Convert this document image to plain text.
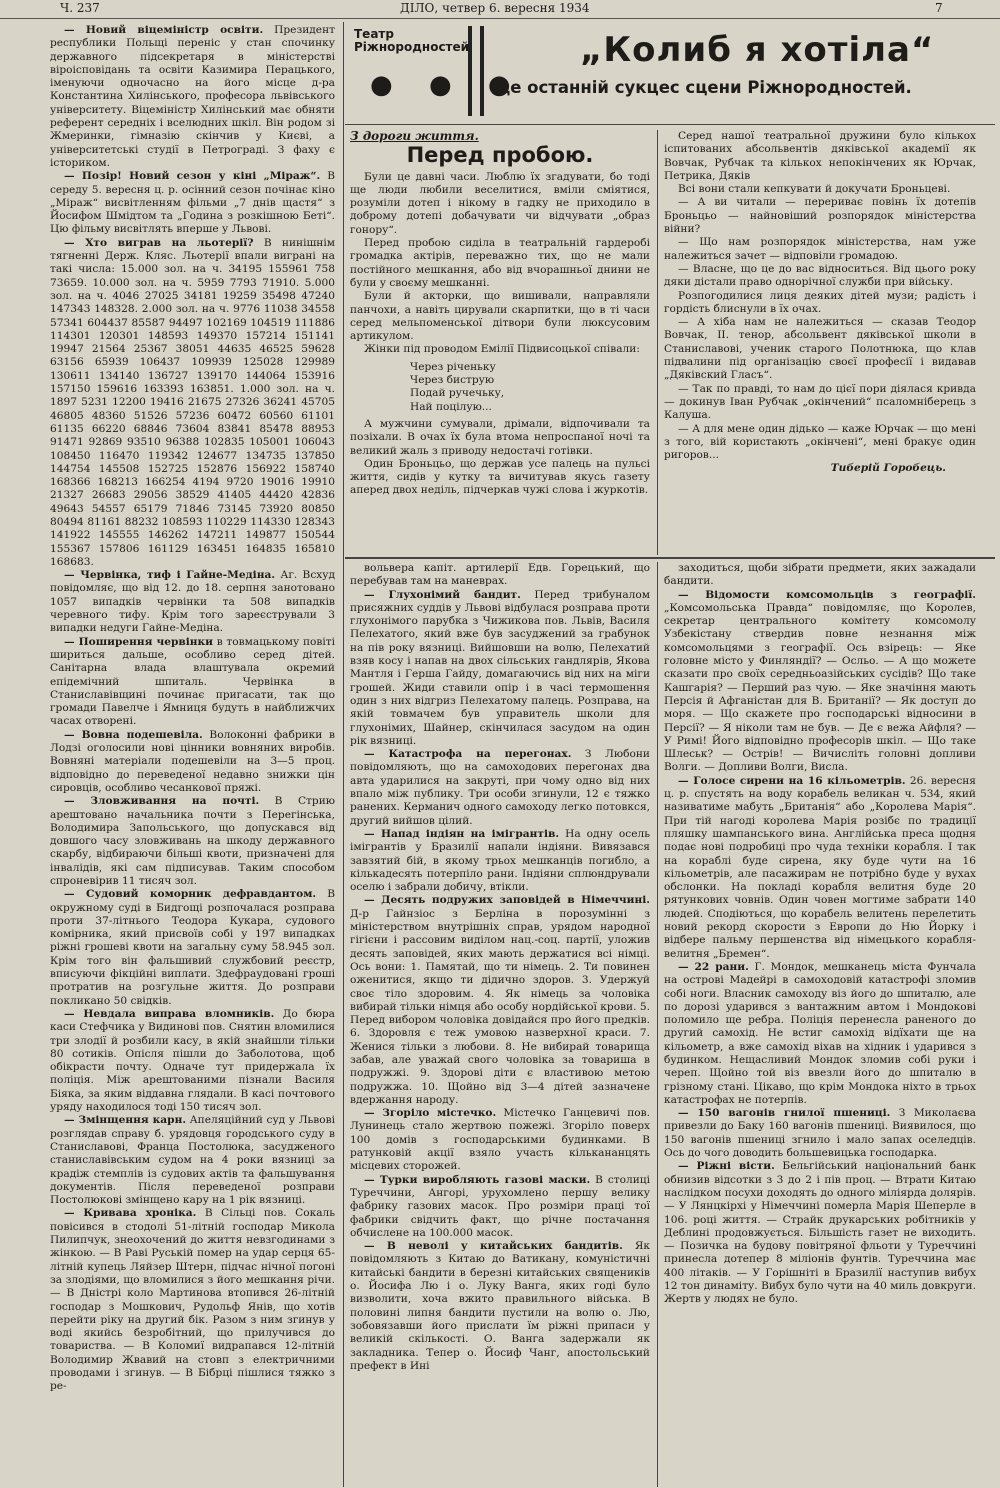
Ч. 237	ДІЛО, четвер 6. вересня 1934	7
Театр
Ріжнородностей
● ● ●
„Колиб я хотіла“
це останній сукцес сцени Ріжнородностей.

— Новий віцеміністр освіти. Президент республики Польщі переніс у стан спочинку державного підсекретаря в міністерстві віроісповідань та освіти Казимира Перацького, іменуючи одночасно на його місце д-ра Константина Хилінського, професора львівського університету. Віцеміністр Хилінський має обняти референт середніх і вселюдних шкіл. Він родом зі Жмеринки, гімназію скінчив у Києві, а університетські студії в Петрограді. З фаху є істориком.

— Позір! Новий сезон у кіні „Міраж“. В середу 5. вересня ц. р. осінний сезон почінає кіно „Міраж“ висвітленням фільми „7 днів щастя“ з Йосифом Шмідтом та „Година з розкішною Беті“. Цю фільму висвітлять вперше у Львові.

— Хто виграв на льотерії? В нинішнім тягненні Держ. Кляс. Льотерії впали виграні на такі числа: 15.000 зол. на ч. 34195 155961 758 73659. 10.000 зол. на ч. 5959 7793 71910. 5.000 зол. на ч. 4046 27025 34181 19259 35498 47240 147343 148328. 2.000 зол. на ч. 9776 11038 34558 57341 604437 85587 94497 102169 104519 111886 114301 120301 148593 149370 157214 151141 19947 21564 25367 38051 44635 46525 59628 63156 65939 106437 109939 125028 129989 130611 134140 136727 139170 144064 153916 157150 159616 163393 163851. 1.000 зол. на ч. 1897 5231 12200 19416 21675 27326 36241 45705 46805 48360 51526 57236 60472 60560 61101 61135 66220 68846 73604 83841 85478 88953 91471 92869 93510 96388 102835 105001 106043 108450 116470 119342 124677 134735 137850 144754 145508 152725 152876 156922 158740 168366 168213 166254 4194 9720 19016 19910 21327 26683 29056 38529 41405 44420 42836 49643 54557 65179 71846 73145 73920 80850 80494 81161 88232 108593 110229 114330 128343 141922 145555 146262 147211 149877 150544 155367 157806 161129 163451 164835 165810 168683.

— Червінка, тиф і Гайне-Медіна. Аг. Всхуд повідомляє, що від 12. до 18. серпня занотовано 1057 випадків червінки та 508 випадків черевного тифу. Крім того зареєстрували 3 випадки недуги Гайне-Медіна.

— Поширення червінки в товмацькому повіті шириться дальше, особливо серед дітей. Санітарна влада влаштувала окремий епідемічний шпиталь. Червінка в Станиславівщині починає пригасати, так що громади Павелче і Ямниця будуть в найближчих часах отворені.

— Вовна подешевіла. Волоконні фабрики в Лодзі оголосили нові цінники вовняних виробів. Вовняні матеріали подешевіли на 3—5 проц. відповідно до переведеної недавно знижки цін сировців, особливо чесанкової пряжі.

— Зловживання на почті. В Стрию арештовано начальника почти з Перегінська, Володимира Запольського, що допускався від довшого часу зловживань на шкоду державного скарбу, відбираючи більші квоти, призначені для інвалідів, які сам підписував. Таким способом спроневірив 11 тисяч зол.

— Судовий коморник дефравдантом. В окружному суді в Бидгощі розпочалася розправа проти 37-літнього Теодора Кукара, судового комірника, який присвоїв собі у 197 випадках ріжні грошеві квоти на загальну суму 58.945 зол. Крім того він фальшивий службовий реєстр, вписуючи фікційні виплати. Здефраудовані гроші протратив на розгульне життя. До розправи покликано 50 свідків.

— Невдала виправа вломників. До бюра каси Стефчика у Видинові пов. Снятин вломилися три злодії й розбили касу, в якій знайшли тільки 80 сотиків. Опісля пішли до Заболотова, щоб обікрасти почту. Одначе тут придержала їх поліція. Між арештованими пізнали Василя Біяка, за яким віддавна глядали. В касі почтового уряду находилося тоді 150 тисяч зол.

— Змінщення карн. Апеляційний суд у Львові розглядав справу б. урядовця городського суду в Станиславові, Франца Постолюка, засудженого станиславівським судом на 4 роки вязниці за крадіж стемплів із судових актів та фальшування документів. Після переведеної розправи Постолюкові змінщено кару на 1 рік вязниці.

— Кривава хроніка. В Сільці пов. Сокаль повісився в стодолі 51-літній господар Микола Пилипчук, знеохочений до життя невзгодинами з жінкою. — В Раві Руській помер на удар серця 65-літній купець Ляйзер Штерн, підчас нічної погоні за злодіями, що вломилися з його мешкання річи. — В Дністрі коло Мартинова втопився 26-літній господар з Мошкович, Рудольф Янів, що хотів перейти ріку на другий бік. Разом з ним згинув у воді якийсь безробітний, що прилучився до товариства. — В Коломиї видрапався 12-літній Володимир Жвавий на стовп з електричними проводами і згинув. — В Бібрці пішлися тяжко з ре-

З дороги життя.
Перед пробою.

Були це давні часи. Люблю їх згадувати, бо тоді ще люди любили веселитися, вміли сміятися, розуміли дотеп і нікому в гадку не приходило в доброму дотепі добачувати чи відчувати „образ гонору“.

Перед пробою сиділа в театральній гардеробі громадка актірів, переважно тих, що не мали постійного мешкання, або від вчорашньої днини не були у своєму мешканні.

Були й акторки, що вишивали, направляли панчохи, а навіть цирували скарпитки, що в ті часи серед мельпоменської дітвори були люксусовим артикулом.

Жінки під проводом Емілії Підвисоцької співали:

Через річеньку
Через биструю
Подай ручечьку,
Най поцілую...

А мужчини сумували, дрімали, відпочивали та позіхали. В очах їх була втома непроспаної ночі та великий жаль з приводу недостачі готівки.

Один Броньцьо, що держав усе палець на пульсі життя, сидів у кутку та вичитував якусь газету аперед двох неділь, підчеркав чужі слова і журкотів.

Серед нашої театральної дружини було кількох іспитованих абсольвентів дяківської академії як Вовчак, Рубчак та кількох непокінчених як Юрчак, Петрика, Дяків

Всі вони стали кепкувати й докучати Броньцеві.

— А ви читали — перериває повінь їх дотепів Броньцьо — найновіший розпорядок міністерства війни?

— Що нам розпорядок міністерства, нам уже належиться зачет — відповіли громадою.

— Власне, що це до вас відноситься. Від цього року дяки дістали право однорічної служби при війську.

Розпогодилися лиця деяких дітей музи; радість і гордість блиснули в їх очах.

— А хіба нам не належиться — сказав Теодор Вовчак, II. тенор, абсольвент дяківської школи в Станиславові, ученик старого Полотнюка, що клав підвалини під організацію своєї професії і видавав „Дяківский Гласъ“.

— Так по правді, то нам до цієї пори діялася кривда — докинув Іван Рубчак „окінчений“ псаломніберець з Калуша.

— А для мене один дідько — каже Юрчак — що мені з того, вій користають „окінчені“, мені бракує один ригоров...

Тиберій Горобець.

вольвера капіт. артилерії Едв. Горецький, що перебував там на маневрах.

— Глухонімий бандит. Перед трибуналом присяжних суддів у Львові відбулася розправа проти глухонімого парубка з Чижикова пов. Львів, Василя Пелехатого, який вже був засуджений за грабунок на пів року вязниці. Вийшовши на волю, Пелехатий взяв косу і напав на двох сільських гандлярів, Якова Мантля і Герша Гайду, домагаючись від них на міги грошей. Жиди ставили опір і в часі термошення один з них відгриз Пелехатому палець. Розправа, на якій товмачем був управитель школи для глухонімих, Шайнер, скінчилася засудом на один рік вязниці.

— Катастрофа на перегонах. З Любони повідомляють, що на самоходових перегонах два авта ударилися на закруті, при чому одно від них впало між публику. Три особи згинули, 12 є тяжко ранених. Керманич одного самоходу легко потовкся, другий вийшов цілий.

— Напад індіян на імігрантів. На одну осель імігрантів у Бразилії напали індіяни. Вивязався завзятий бій, в якому трьох мешканців погибло, а кількадесять потерпіло рани. Індіяни сплюндрували оселю і забрали добичу, втікли.

— Десять подружих заповідей в Німеччині. Д-р Гайнзіос з Берліна в порозумінні з міністерством внутрішніх справ, урядом народної гігієни і рассовим виділом нац.-соц. партії, уложив десять заповідей, яких мають держатися всі німці. Ось вони: 1. Памятай, що ти німець. 2. Ти повинен оженитися, якщо ти дідично здоров. 3. Удержуй своє тіло здоровим. 4. Як німець за чоловіка вибирай тільки німця або особу нордійської крови. 5. Перед вибором чоловіка довідайся про його предків. 6. Здоровля є теж умовою назверхної краси. 7. Женися тільки з любови. 8. Не вибирай товарища забав, але уважай свого чоловіка за товариша в подружжі. 9. Здорові діти є властивою метою подружжа. 10. Щойно від 3—4 дітей зазначене вдержання народу.

— Згоріло містечко. Містечко Ганцевичі пов. Лунинець стало жертвою пожежі. Згоріло поверх 100 домів з господарськими будинками. В ратунковій акції взяло участь кількананцять місцевих сторожей.

— Турки виробляють газові маски. В столиці Туреччини, Ангорі, урухомлено першу велику фабрику газових масок. Про розміри праці тої фабрики свідчить факт, що річне постачання обчислене на 100.000 масок.

— В неволі у китайських бандитів. Як повідомляють з Китаю до Ватикану, комуністичні китайські бандити в березні китайських священиків о. Йосифа Лю і о. Луку Ванга, яких годі було визволити, хоча вжито правильного війська. В половині липня бандити пустили на волю о. Лю, зобовязавши його прислати їм ріжні припаси у великій скількості. О. Ванга задержали як закладника. Тепер о. Йосиф Чанг, апостольський префект в Ині

заходиться, щоби зібрати предмети, яких зажадали бандити.

— Відомости комсомольців з географії. „Комсомольська Правда“ повідомляє, що Королев, секретар центрального комітету комсомолу Узбекістану ствердив повне незнання між комсомольцями з географії. Ось взірець: — Яке головне місто у Финляндії? — Осльо. — А що можете сказати про своїх середньоазійських сусідів? Що таке Кашгарія? — Перший раз чую. — Яке значіння мають Персія й Афганістан для В. Британії? — Як доступ до моря. — Що скажете про господарські відносини в Персії? — Я ніколи там не був. — Де є вежа Айфля? — У Римі! Його відповідно професорів шкіл. — Що таке Шлеськ? — Острів! — Вичисліть головні допливи Волги. — Допливи Волги, Висла.

— Голосе сирени на 16 кільометрів. 26. вересня ц. р. спустять на воду корабель великан ч. 534, який називатиме мабуть „Британія“ або „Королева Марія“. При тій нагоді королева Марія розібє по традиції пляшку шампанського вина. Англійська преса щодня подає нові подробиці про чуда техніки корабля. І так на кораблі буде сирена, яку буде чути на 16 кільометрів, але пасажирам не потрібно буде у вухах обслонки. На покладі корабля велитня буде 20 рятункових човнів. Один човен могтиме забрати 140 людей. Сподіються, що корабель велитень перелетить новий рекорд скорости з Европи до Ню Йорку і відбере пальму першенства від німецького корабля-велитня „Бремен“.

— 22 рани. Г. Мондок, мешканець міста Фунчала на острові Мадейрі в самоходовій катастрофі зломив собі ноги. Власник самоходу віз його до шпиталю, але по дорозі ударився з вантажним автом і Мондокові поломило ще ребра. Поліція перенесла раненого до другий самохід. Не встиг самохід відїхати ще на кільометр, а вже самохід віхав на хідник і ударився з будинком. Нещасливий Мондок зломив собі руки і череп. Щойно той віз ввезли його до шпиталю в грізному стані. Цікаво, що крім Мондока ніхто в трьох катастрофах не потерпів.

— 150 вагонів гнилої пшениці. З Миколаєва привезли до Баку 160 вагонів пшениці. Виявилося, що 150 вагонів пшениці згнило і мало запах оселедців. Ось до чого доводить большевицька господарка.

— Ріжні вісти. Бельгійський національний банк обнизив відсотки з 3 до 2 і пів проц. — Втрати Китаю наслідком посухи доходять до одного міліярда долярів. — У Лянцкірхі у Німеччині померла Марія Шеперле в 106. році життя. — Страйк друкарських робітників у Деблині продовжується. Більшість газет не виходить. — Позичка на будову повітряної фльоти у Туреччині принесла дотепер 8 міліонів фунтів. Туреччина має 400 літаків. — У Горішніті в Бразилії наступив вибух 12 тон динаміту. Вибух було чути на 40 миль довкруги. Жертв у людях не було.
